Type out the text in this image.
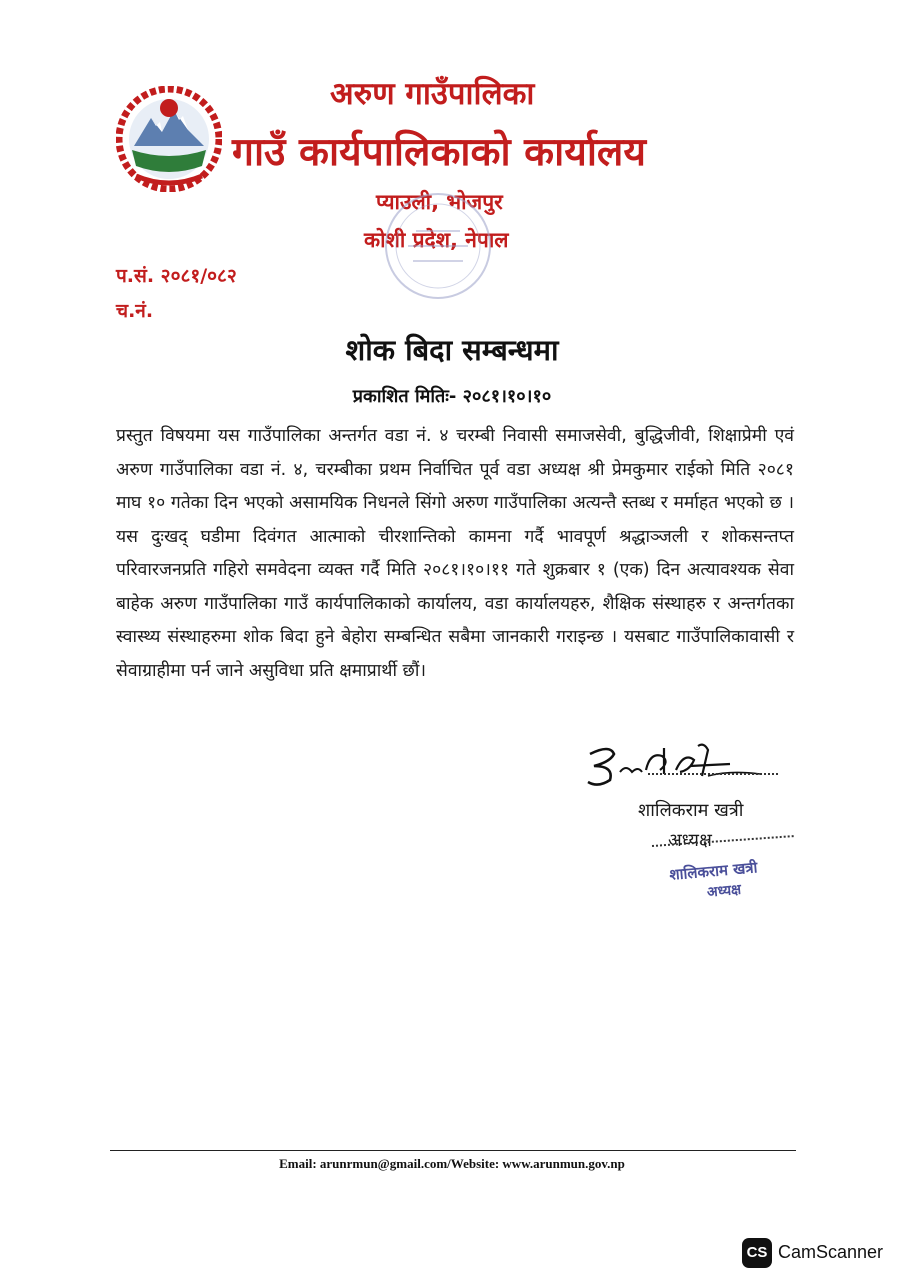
अरुण गाउँपालिका
गाउँ कार्यपालिकाको कार्यालय
प्याउली, भोजपुर
कोशी प्रदेश, नेपाल
प.सं. २०८१/०८२
च.नं.
शोक बिदा सम्बन्धमा
प्रकाशित मितिः- २०८१।१०।१०
प्रस्तुत विषयमा यस गाउँपालिका अन्तर्गत वडा नं. ४ चरम्बी निवासी समाजसेवी, बुद्धिजीवी, शिक्षाप्रेमी एवं अरुण गाउँपालिका वडा नं. ४, चरम्बीका प्रथम निर्वाचित पूर्व वडा अध्यक्ष श्री प्रेमकुमार राईको मिति २०८१ माघ १० गतेका दिन भएको असामयिक निधनले सिंगो अरुण गाउँपालिका अत्यन्तै स्तब्ध र मर्माहत भएको छ । यस दुःखद् घडीमा दिवंगत आत्माको चीरशान्तिको कामना गर्दै भावपूर्ण श्रद्धाञ्जली र शोकसन्तप्त परिवारजनप्रति गहिरो समवेदना व्यक्त गर्दै मिति २०८१।१०।११ गते शुक्रबार १ (एक) दिन अत्यावश्यक सेवा बाहेक अरुण गाउँपालिका गाउँ कार्यपालिकाको कार्यालय, वडा कार्यालयहरु, शैक्षिक संस्थाहरु र अन्तर्गतका स्वास्थ्य संस्थाहरुमा शोक बिदा हुने बेहोरा सम्बन्धित सबैमा जानकारी गराइन्छ । यसबाट गाउँपालिकावासी र सेवाग्राहीमा पर्न जाने असुविधा प्रति क्षमाप्रार्थी छौं।
शालिकराम खत्री
अध्यक्ष
शालिकराम खत्री
अध्यक्ष
Email: arunrmun@gmail.com/Website: www.arunmun.gov.np
CS CamScanner
